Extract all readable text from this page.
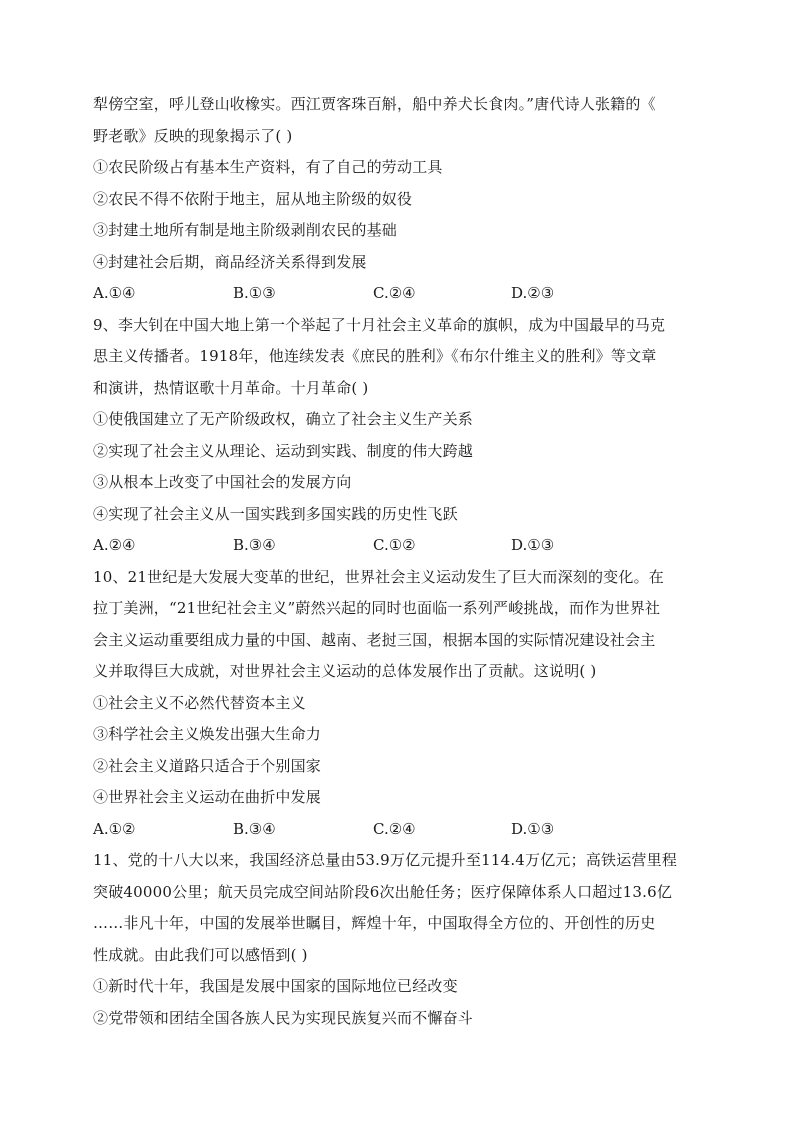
犁傍空室，呼儿登山收橡实。西江贾客珠百斛，船中养犬长食肉。”唐代诗人张籍的《
野老歌》反映的现象揭示了( )
①农民阶级占有基本生产资料，有了自己的劳动工具
②农民不得不依附于地主，屈从地主阶级的奴役
③封建土地所有制是地主阶级剥削农民的基础
④封建社会后期，商品经济关系得到发展
A.①④	B.①③	C.②④	D.②③
9、李大钊在中国大地上第一个举起了十月社会主义革命的旗帜，成为中国最早的马克
思主义传播者。1918年，他连续发表《庶民的胜利》《布尔什维主义的胜利》等文章
和演讲，热情讴歌十月革命。十月革命( )
①使俄国建立了无产阶级政权，确立了社会主义生产关系
②实现了社会主义从理论、运动到实践、制度的伟大跨越
③从根本上改变了中国社会的发展方向
④实现了社会主义从一国实践到多国实践的历史性飞跃
A.②④	B.③④	C.①②	D.①③
10、21世纪是大发展大变革的世纪，世界社会主义运动发生了巨大而深刻的变化。在
拉丁美洲，“21世纪社会主义”蔚然兴起的同时也面临一系列严峻挑战，而作为世界社
会主义运动重要组成力量的中国、越南、老挝三国，根据本国的实际情况建设社会主
义并取得巨大成就，对世界社会主义运动的总体发展作出了贡献。这说明( )
①社会主义不必然代替资本主义
③科学社会主义焕发出强大生命力
②社会主义道路只适合于个别国家
④世界社会主义运动在曲折中发展
A.①②	B.③④	C.②④	D.①③
11、党的十八大以来，我国经济总量由53.9万亿元提升至114.4万亿元；高铁运营里程
突破40000公里；航天员完成空间站阶段6次出舱任务；医疗保障体系人口超过13.6亿
……非凡十年，中国的发展举世瞩目，辉煌十年，中国取得全方位的、开创性的历史
性成就。由此我们可以感悟到( )
①新时代十年，我国是发展中国家的国际地位已经改变
②党带领和团结全国各族人民为实现民族复兴而不懈奋斗
